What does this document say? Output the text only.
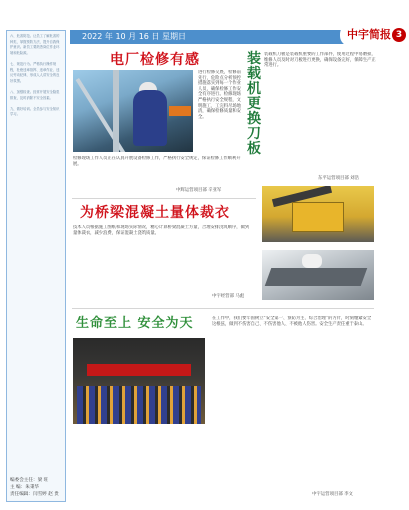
2022 年 10 月 16 日 星期日	中宇简报 3
六、危害防范。让员工了解危害的种类，掌握预防方法，提升自我保护意识。新员工要熟悉岗位作业环境和危险源。

七、规范行为。严格执行操作规程，杜绝违章指挥、违章作业、违反劳动纪律，形成人人讲安全的良好氛围。

八、加强检查。经常开展安全隐患排查，及时消除不安全因素。

九、做好培训。全员参与安全知识学习。
编委会主任：梁 旺
主 编：朱秉华
责任编辑：闫雪婷 赵 贵
电厂检修有感
进行检修交底，检修前先行，危险点分析预控措施落实到每一个作业人员，确保检修工作安全有序进行。检修现场严格执行安全规程，文明施工，工完料尽场地清，确保检修质量和安全。
检修现场工作人员正在认真开展设备检修工作，严格执行安全规定，保证检修工作顺利开展。
中辉运营项目部 辛亚军
装载机更换刀板
装载机刀板是装载机重要的工作部件，使用过程中易磨损，维修人员及时对刀板进行更换，确保设备完好，保障生产正常进行。
东平运营项目部 刘浩
为桥梁混凝土量体裁衣
技术人员根据施工图纸和现场实际情况，精心计算桥梁混凝土方量，合理安排浇筑顺序，做到量体裁衣，减少浪费，保证混凝土浇筑质量。
中宇经营部 马彪
生命至上 安全为天	在工作中，我们要牢固树立“安全第一、预防为主、综合治理”的方针，时刻绷紧安全这根弦，做到不伤害自己、不伤害他人、不被他人伤害。安全生产责任重于泰山。
中宇运营项目部 李文
